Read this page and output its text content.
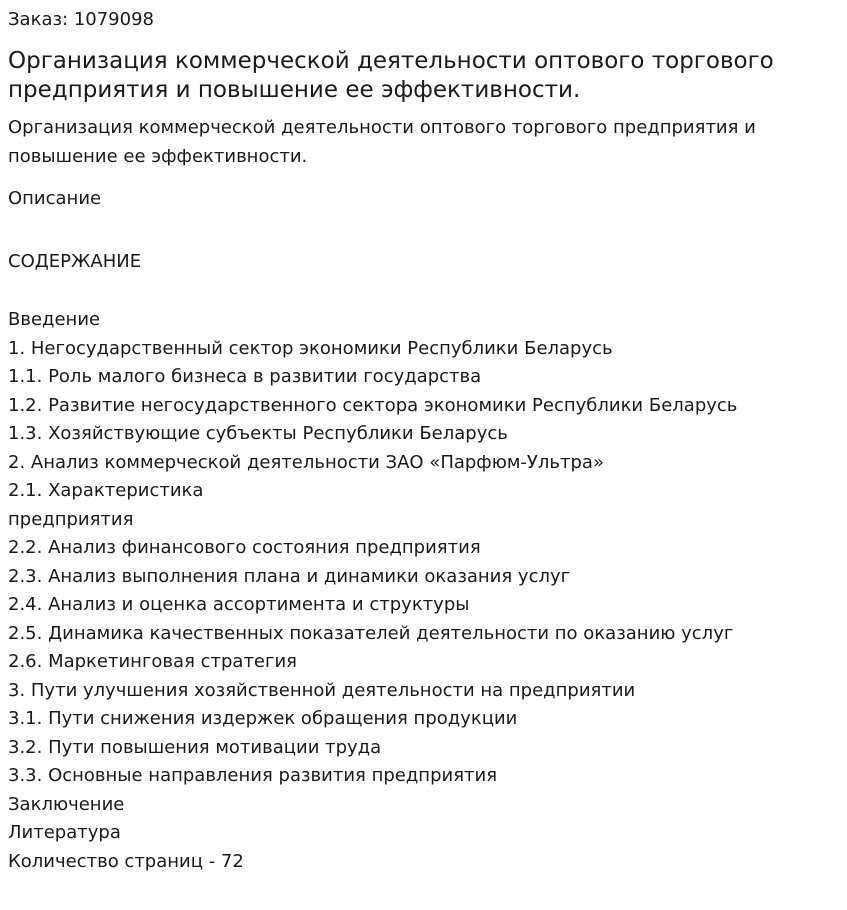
Заказ: 1079098

Организация коммерческой деятельности оптового торгового предприятия и повышение ее эффективности.

Организация коммерческой деятельности оптового торгового предприятия и повышение ее эффективности.

Описание

СОДЕРЖАНИЕ

Введение
1. Негосударственный сектор экономики Республики Беларусь
1.1. Роль малого бизнеса в развитии государства
1.2. Развитие негосударственного сектора экономики Республики Беларусь
1.3. Хозяйствующие субъекты Республики Беларусь
2. Анализ коммерческой деятельности ЗАО «Парфюм-Ультра»
2.1. Характеристика
предприятия
2.2. Анализ финансового состояния предприятия
2.3. Анализ выполнения плана и динамики оказания услуг
2.4. Анализ и оценка ассортимента и структуры
2.5. Динамика качественных показателей деятельности по оказанию услуг
2.6. Маркетинговая стратегия
3. Пути улучшения хозяйственной деятельности на предприятии
3.1. Пути снижения издержек обращения продукции
3.2. Пути повышения мотивации труда
3.3. Основные направления развития предприятия
Заключение
Литература
Количество страниц - 72
